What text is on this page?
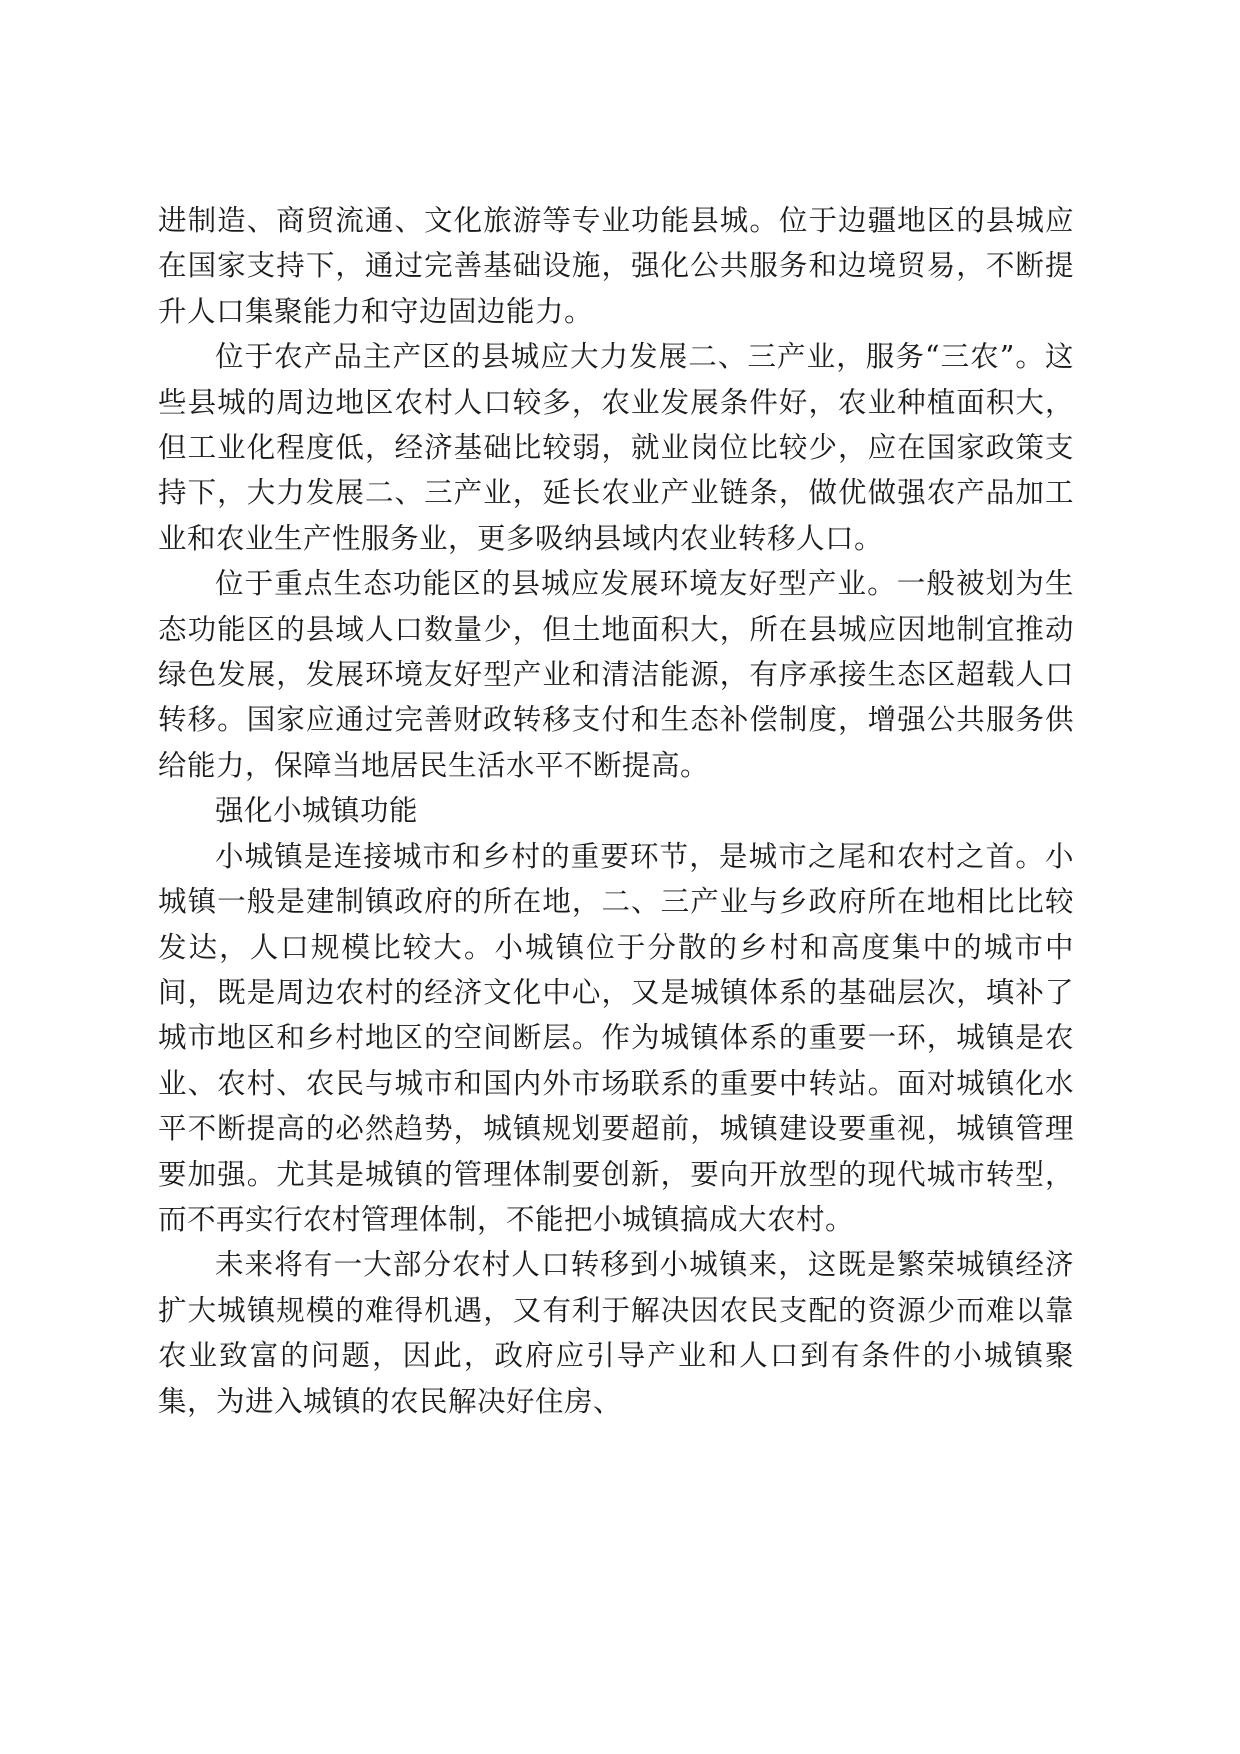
进制造、商贸流通、文化旅游等专业功能县城。位于边疆地区的县城应在国家支持下，通过完善基础设施，强化公共服务和边境贸易，不断提升人口集聚能力和守边固边能力。

位于农产品主产区的县城应大力发展二、三产业，服务“三农”。这些县城的周边地区农村人口较多，农业发展条件好，农业种植面积大，但工业化程度低，经济基础比较弱，就业岗位比较少，应在国家政策支持下，大力发展二、三产业，延长农业产业链条，做优做强农产品加工业和农业生产性服务业，更多吸纳县域内农业转移人口。

位于重点生态功能区的县城应发展环境友好型产业。一般被划为生态功能区的县域人口数量少，但土地面积大，所在县城应因地制宜推动绿色发展，发展环境友好型产业和清洁能源，有序承接生态区超载人口转移。国家应通过完善财政转移支付和生态补偿制度，增强公共服务供给能力，保障当地居民生活水平不断提高。

强化小城镇功能

小城镇是连接城市和乡村的重要环节，是城市之尾和农村之首。小城镇一般是建制镇政府的所在地，二、三产业与乡政府所在地相比比较发达，人口规模比较大。小城镇位于分散的乡村和高度集中的城市中间，既是周边农村的经济文化中心，又是城镇体系的基础层次，填补了城市地区和乡村地区的空间断层。作为城镇体系的重要一环，城镇是农业、农村、农民与城市和国内外市场联系的重要中转站。面对城镇化水平不断提高的必然趋势，城镇规划要超前，城镇建设要重视，城镇管理要加强。尤其是城镇的管理体制要创新，要向开放型的现代城市转型，而不再实行农村管理体制，不能把小城镇搞成大农村。

未来将有一大部分农村人口转移到小城镇来，这既是繁荣城镇经济扩大城镇规模的难得机遇，又有利于解决因农民支配的资源少而难以靠农业致富的问题，因此，政府应引导产业和人口到有条件的小城镇聚集，为进入城镇的农民解决好住房、
